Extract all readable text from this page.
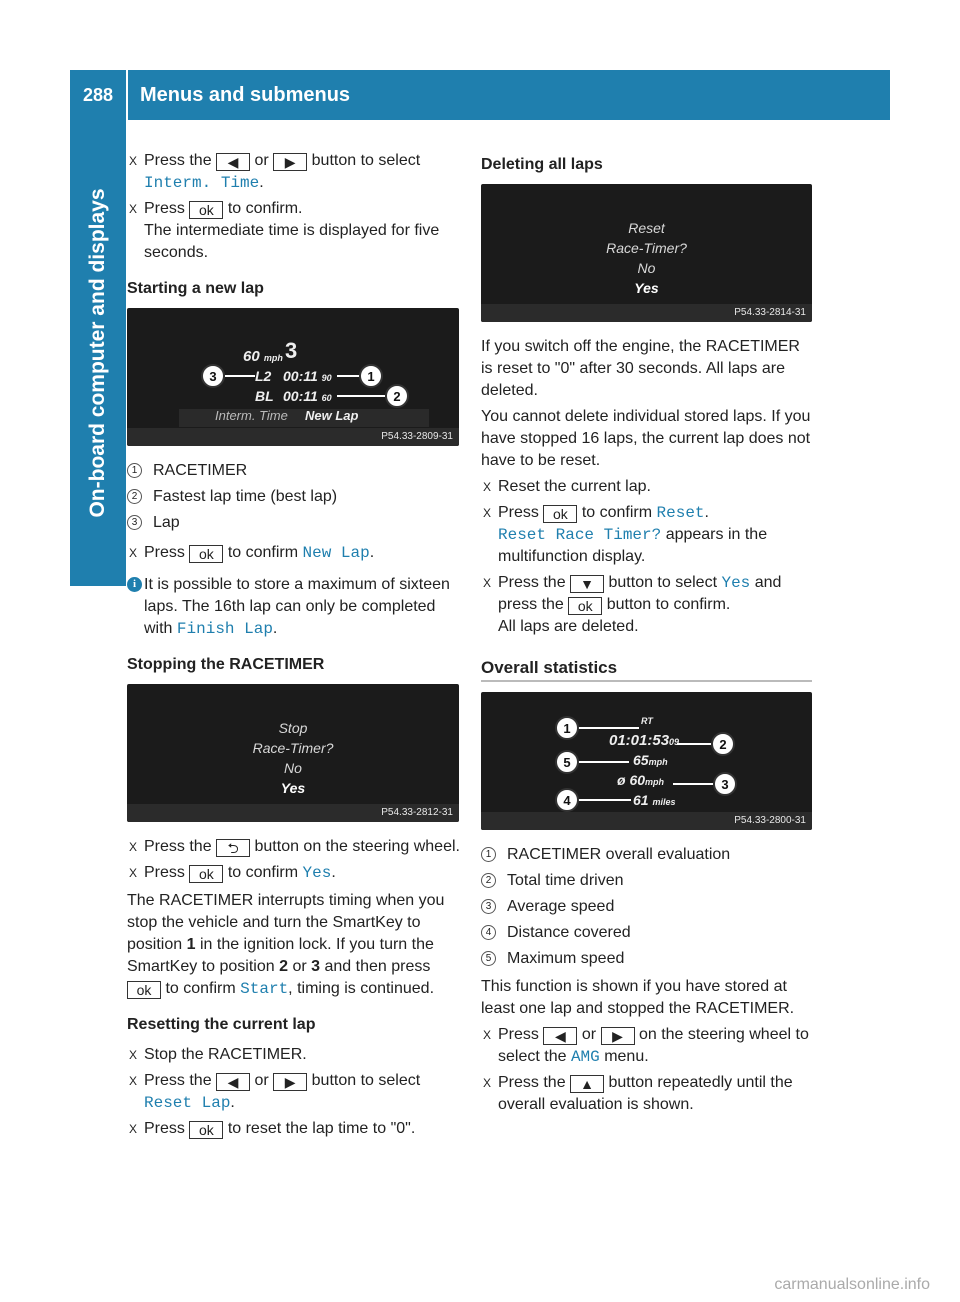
288	Menus and submenus
On-board computer and displays
X Press the ◀ or ▶ button to select
Interm. Time.
X Press ok to confirm.
The intermediate time is displayed for five seconds.
Starting a new lap
60 mph 3
L2 00:11 90
BL 00:11 60
Interm. Time New Lap
3	1
2
P54.33-2809-31
1 RACETIMER
2 Fastest lap time (best lap)
3 Lap
X Press ok to confirm New Lap.
i It is possible to store a maximum of sixteen laps. The 16th lap can only be completed with Finish Lap.
Stopping the RACETIMER
Stop
Race-Timer?
No
Yes
P54.33-2812-31
X Press the ⮌ button on the steering wheel.
X Press ok to confirm Yes.
The RACETIMER interrupts timing when you stop the vehicle and turn the SmartKey to position 1 in the ignition lock. If you turn the SmartKey to position 2 or 3 and then press ok to confirm Start, timing is continued.
Resetting the current lap
X Stop the RACETIMER.
X Press the ◀ or ▶ button to select
Reset Lap.
X Press ok to reset the lap time to "0".
Deleting all laps
Reset
Race-Timer?
No
Yes
P54.33-2814-31
If you switch off the engine, the RACETIMER is reset to "0" after 30 seconds. All laps are deleted.
You cannot delete individual stored laps. If you have stopped 16 laps, the current lap does not have to be reset.
X Reset the current lap.
X Press ok to confirm Reset.
Reset Race Timer? appears in the multifunction display.
X Press the ▼ button to select Yes and press the ok button to confirm.
All laps are deleted.
Overall statistics
RT
01:01:5309
65mph
ø 60mph
61 miles
1
5
4
2
3
P54.33-2800-31
1 RACETIMER overall evaluation
2 Total time driven
3 Average speed
4 Distance covered
5 Maximum speed
This function is shown if you have stored at least one lap and stopped the RACETIMER.
X Press ◀ or ▶ on the steering wheel to select the AMG menu.
X Press the ▲ button repeatedly until the overall evaluation is shown.
carmanualsonline.info
